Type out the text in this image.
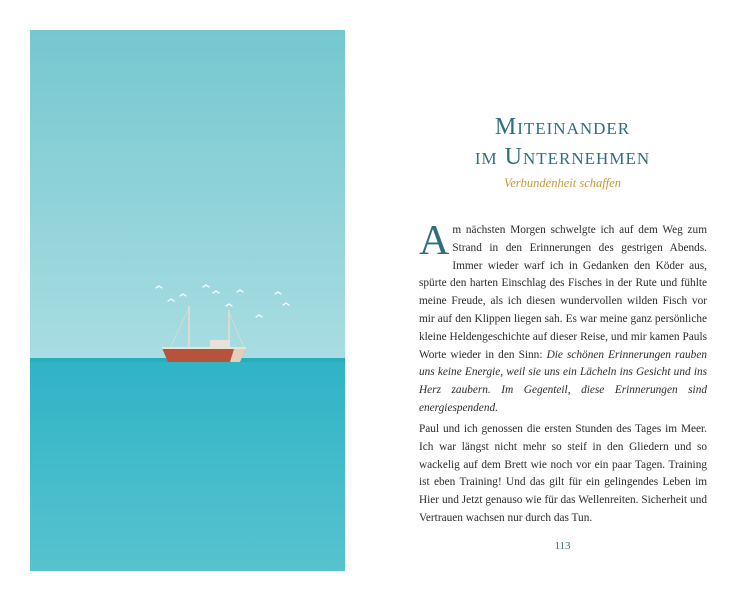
Miteinander
im Unternehmen
Verbundenheit schaffen
Am nächsten Morgen schwelgte ich auf dem Weg zum Strand in den Erinnerungen des gestrigen Abends. Immer wieder warf ich in Gedanken den Köder aus, spürte den harten Einschlag des Fisches in der Rute und fühlte meine Freude, als ich diesen wundervollen wilden Fisch vor mir auf den Klippen liegen sah. Es war meine ganz persönliche kleine Heldengeschichte auf dieser Reise, und mir kamen Pauls Worte wieder in den Sinn: Die schönen Erinnerungen rauben uns keine Energie, weil sie uns ein Lächeln ins Gesicht und ins Herz zaubern. Im Gegenteil, diese Erinnerungen sind energiespendend.
Paul und ich genossen die ersten Stunden des Tages im Meer. Ich war längst nicht mehr so steif in den Gliedern und so wackelig auf dem Brett wie noch vor ein paar Tagen. Training ist eben Training! Und das gilt für ein gelingendes Leben im Hier und Jetzt genauso wie für das Wellenreiten. Sicherheit und Vertrauen wachsen nur durch das Tun.
113
